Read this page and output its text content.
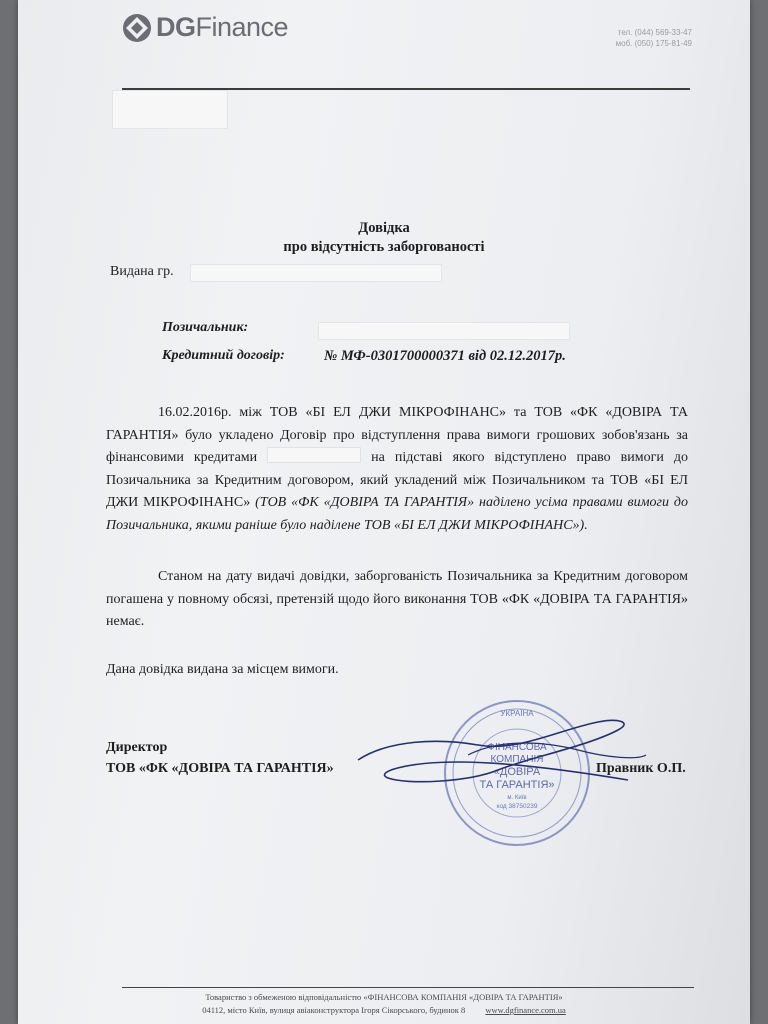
DGFinance	тел. (044) 569-33-47
моб. (050) 175-81-49
Довідка
про відсутність заборгованості
Видана гр.
Позичальник:
Кредитний договір:	№ МФ-0301700000371 від 02.12.2017р.
16.02.2016р. між ТОВ «БІ ЕЛ ДЖИ МІКРОФІНАНС» та ТОВ «ФК «ДОВІРА ТА ГАРАНТІЯ» було укладено Договір про відступлення права вимоги грошових зобов'язань за фінансовими кредитами	на підставі якого відступлено право вимоги до Позичальника за Кредитним договором, який укладений між Позичальником та ТОВ «БІ ЕЛ ДЖИ МІКРОФІНАНС» (ТОВ «ФК «ДОВІРА ТА ГАРАНТІЯ» наділено усіма правами вимоги до Позичальника, якими раніше було наділене ТОВ «БІ ЕЛ ДЖИ МІКРОФІНАНС»).
Станом на дату видачі довідки, заборгованість Позичальника за Кредитним договором погашена у повному обсязі, претензій щодо його виконання ТОВ «ФК «ДОВІРА ТА ГАРАНТІЯ» немає.
Дана довідка видана за місцем вимоги.
УКРАЇНА
ФІНАНСОВА
КОМПАНІЯ
«ДОВІРА
ТА ГАРАНТІЯ»
м. Київ
код 38750239
Директор
ТОВ «ФК «ДОВІРА ТА ГАРАНТІЯ»	Правник О.П.
Товариство з обмеженою відповідальністю «ФІНАНСОВА КОМПАНІЯ «ДОВІРА ТА ГАРАНТІЯ»
04112, місто Київ, вулиця авіаконструктора Ігоря Сікорського, будинок 8 www.dgfinance.com.ua
